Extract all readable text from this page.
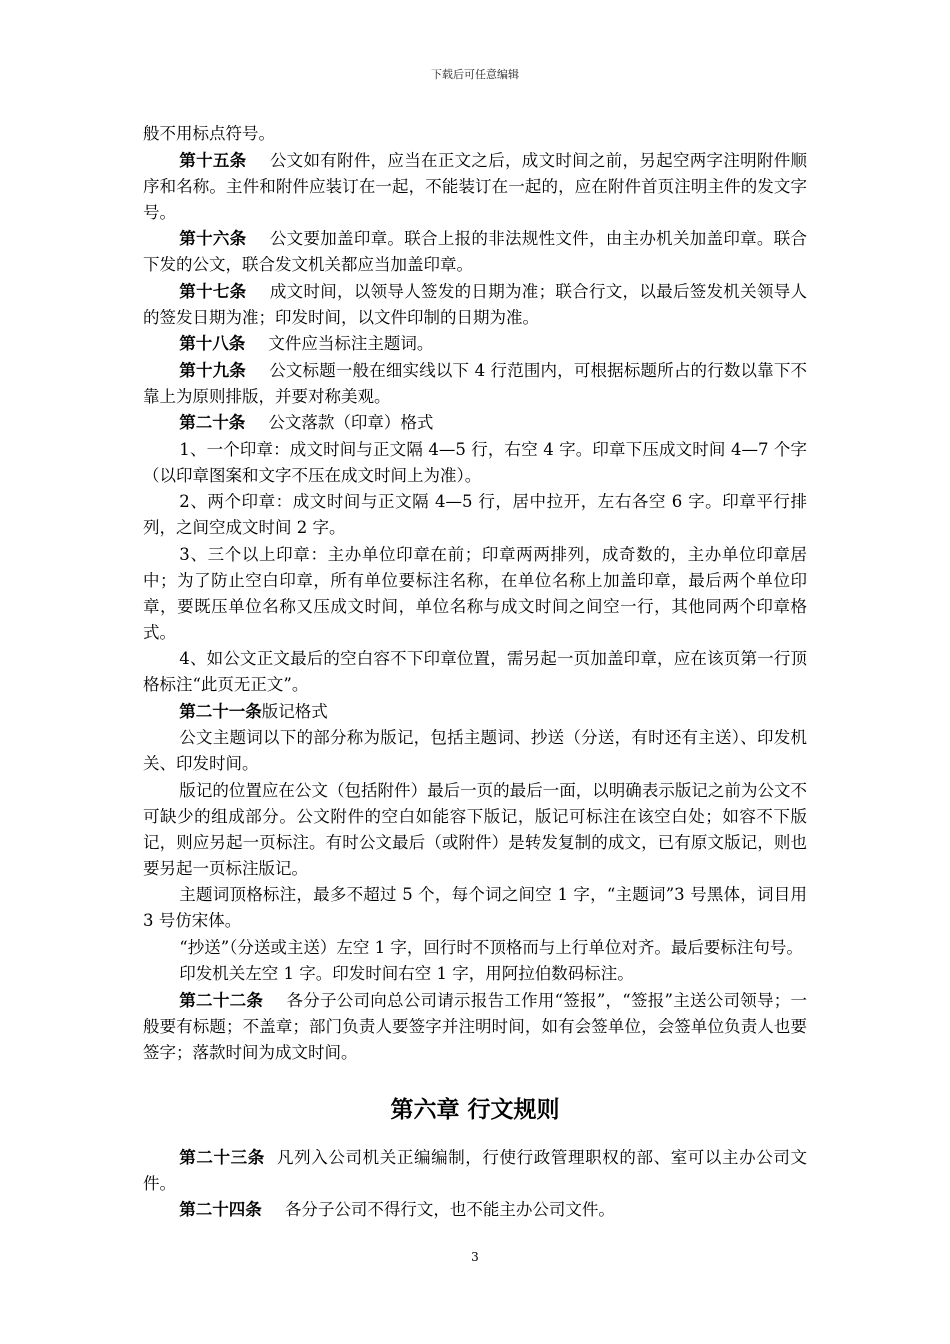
下载后可任意编辑

般不用标点符号。

第十五条 公文如有附件，应当在正文之后，成文时间之前，另起空两字注明附件顺序和名称。主件和附件应装订在一起，不能装订在一起的，应在附件首页注明主件的发文字号。

第十六条 公文要加盖印章。联合上报的非法规性文件，由主办机关加盖印章。联合下发的公文，联合发文机关都应当加盖印章。

第十七条 成文时间，以领导人签发的日期为准；联合行文，以最后签发机关领导人的签发日期为准；印发时间，以文件印制的日期为准。

第十八条 文件应当标注主题词。

第十九条 公文标题一般在细实线以下 4 行范围内，可根据标题所占的行数以靠下不靠上为原则排版，并要对称美观。

第二十条 公文落款（印章）格式

1、一个印章：成文时间与正文隔 4—5 行，右空 4 字。印章下压成文时间 4—7 个字（以印章图案和文字不压在成文时间上为准）。

2、两个印章：成文时间与正文隔 4—5 行，居中拉开，左右各空 6 字。印章平行排列，之间空成文时间 2 字。

3、三个以上印章：主办单位印章在前；印章两两排列，成奇数的，主办单位印章居中；为了防止空白印章，所有单位要标注名称，在单位名称上加盖印章，最后两个单位印章，要既压单位名称又压成文时间，单位名称与成文时间之间空一行，其他同两个印章格式。

4、如公文正文最后的空白容不下印章位置，需另起一页加盖印章，应在该页第一行顶格标注“此页无正文”。

第二十一条版记格式

公文主题词以下的部分称为版记，包括主题词、抄送（分送，有时还有主送）、印发机关、印发时间。

版记的位置应在公文（包括附件）最后一页的最后一面，以明确表示版记之前为公文不可缺少的组成部分。公文附件的空白如能容下版记，版记可标注在该空白处；如容不下版记，则应另起一页标注。有时公文最后（或附件）是转发复制的成文，已有原文版记，则也要另起一页标注版记。

主题词顶格标注，最多不超过 5 个，每个词之间空 1 字，“主题词”3 号黑体，词目用 3 号仿宋体。

“抄送”（分送或主送）左空 1 字，回行时不顶格而与上行单位对齐。最后要标注句号。

印发机关左空 1 字。印发时间右空 1 字，用阿拉伯数码标注。

第二十二条 各分子公司向总公司请示报告工作用“签报”，“签报”主送公司领导；一般要有标题；不盖章；部门负责人要签字并注明时间，如有会签单位，会签单位负责人也要签字；落款时间为成文时间。

第六章 行文规则

第二十三条 凡列入公司机关正编编制，行使行政管理职权的部、室可以主办公司文件。

第二十四条 各分子公司不得行文，也不能主办公司文件。

3
